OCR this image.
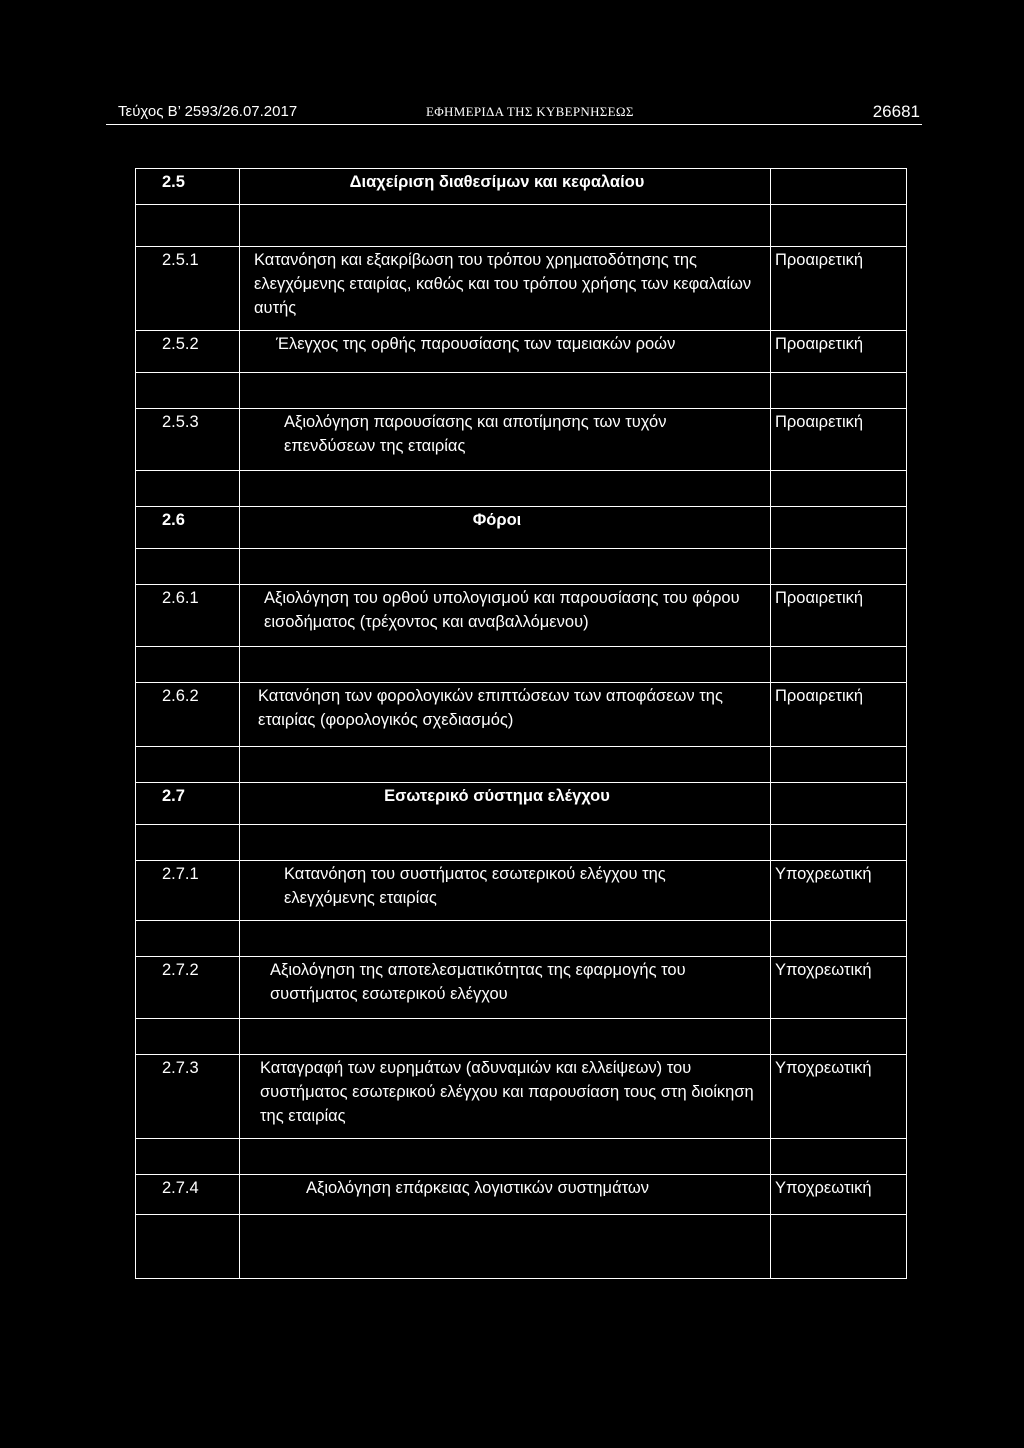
Τεύχος Β’ 2593/26.07.2017	ΕΦΗΜΕΡΙΔΑ ΤΗΣ ΚΥΒΕΡΝΗΣΕΩΣ	26681
2.5	Διαχείριση διαθεσίμων και κεφαλαίου	

2.5.1	Κατανόηση και εξακρίβωση του τρόπου χρηματοδότησης της ελεγχόμενης εταιρίας, καθώς και του τρόπου χρήσης των κεφαλαίων αυτής	Προαιρετική
2.5.2	Έλεγχος της ορθής παρουσίασης των ταμειακών ροών	Προαιρετική

2.5.3	Αξιολόγηση παρουσίασης και αποτίμησης των τυχόν επενδύσεων της εταιρίας	Προαιρετική

2.6	Φόροι	

2.6.1	Αξιολόγηση του ορθού υπολογισμού και παρουσίασης του φόρου εισοδήματος (τρέχοντος και αναβαλλόμενου)	Προαιρετική

2.6.2	Κατανόηση των φορολογικών επιπτώσεων των αποφάσεων της εταιρίας (φορολογικός σχεδιασμός)	Προαιρετική

2.7	Εσωτερικό σύστημα ελέγχου	

2.7.1	Κατανόηση του συστήματος εσωτερικού ελέγχου της ελεγχόμενης εταιρίας	Υποχρεωτική

2.7.2	Αξιολόγηση της αποτελεσματικότητας της εφαρμογής του συστήματος εσωτερικού ελέγχου	Υποχρεωτική

2.7.3	Καταγραφή των ευρημάτων (αδυναμιών και ελλείψεων) του συστήματος εσωτερικού ελέγχου και παρουσίαση τους στη διοίκηση της εταιρίας	Υποχρεωτική

2.7.4	Αξιολόγηση επάρκειας λογιστικών συστημάτων	Υποχρεωτική
